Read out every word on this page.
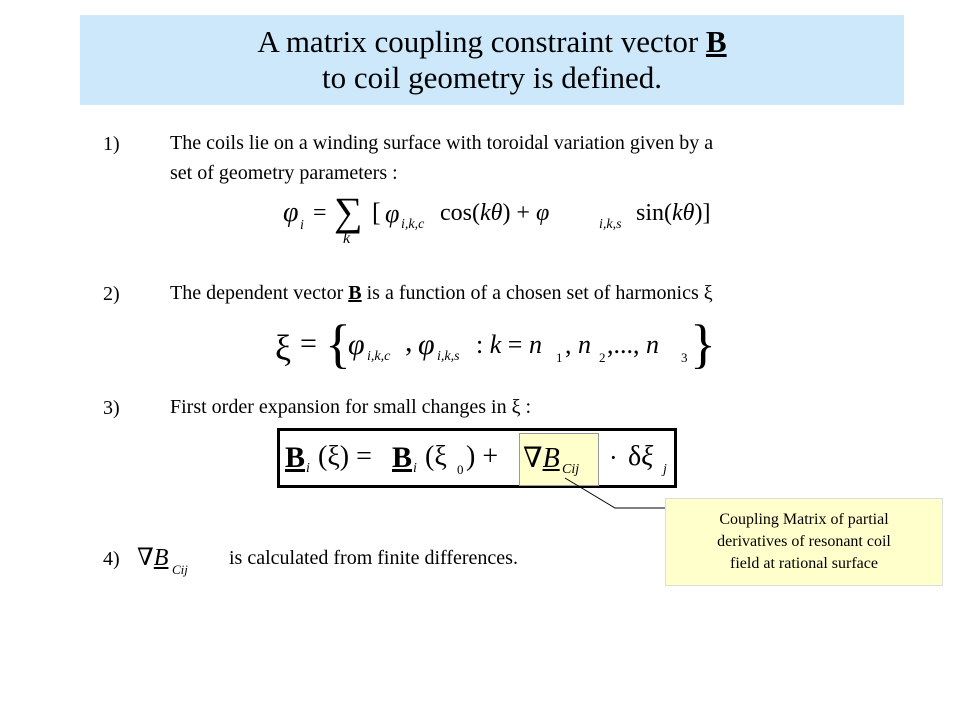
A matrix coupling constraint vector B
to coil geometry is defined.
1)	The coils lie on a winding surface with toroidal variation given by a
set of geometry parameters :
φ i = ∑
k
[ φ i,k,c cos(kθ) + φ	i,k,s sin(kθ)]
2)	The dependent vector B is a function of a chosen set of harmonics ξ
ξ = {
φ i,k,c , φ i,k,s : k = n 1 , n 2 ,..., n 3 }
3)	First order expansion for small changes in ξ :
B i (ξ) = B i (ξ 0 ) + ∇B Cij · δξ j
Coupling Matrix of partial
derivatives of resonant coil
field at rational surface
4) ∇B Cij
is calculated from finite differences.
